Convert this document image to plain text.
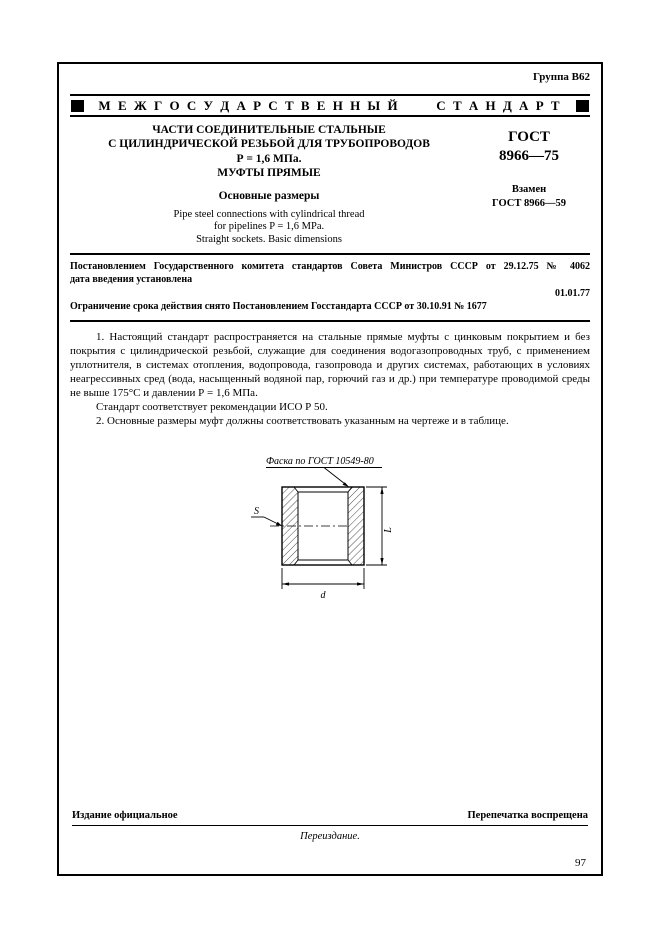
Группа В62
М Е Ж Г О С У Д А Р С Т В Е Н Н Ы Й       С Т А Н Д А Р Т
ЧАСТИ СОЕДИНИТЕЛЬНЫЕ СТАЛЬНЫЕ
С ЦИЛИНДРИЧЕСКОЙ РЕЗЬБОЙ ДЛЯ ТРУБОПРОВОДОВ
Р = 1,6 МПа.
МУФТЫ ПРЯМЫЕ
Основные размеры
Pipe steel connections with cylindrical thread
for pipelines P = 1,6 MPa.
Straight sockets. Basic dimensions
ГОСТ
8966—75
Взамен
ГОСТ 8966—59
Постановлением Государственного комитета стандартов Совета Министров СССР от 29.12.75 № 4062
дата введения установлена
01.01.77
Ограничение срока действия снято Постановлением Госстандарта СССР от 30.10.91 № 1677

1. Настоящий стандарт распространяется на стальные прямые муфты с цинковым покрытием и без покрытия с цилиндрической резьбой, служащие для соединения водогазопроводных труб, с применением уплотнителя, в системах отопления, водопровода, газопровода и других системах, работающих в условиях неагрессивных сред (вода, насыщенный водяной пар, горючий газ и др.) при температуре проводимой среды не выше 175°С и давлении Р = 1,6 МПа.

Стандарт соответствует рекомендации ИСО Р 50.

2. Основные размеры муфт должны соответствовать указанным на чертеже и в таблице.

Фаска по ГОСТ 10549-80
S
L
d
Издание официальное	Перепечатка воспрещена
Переиздание.
97
